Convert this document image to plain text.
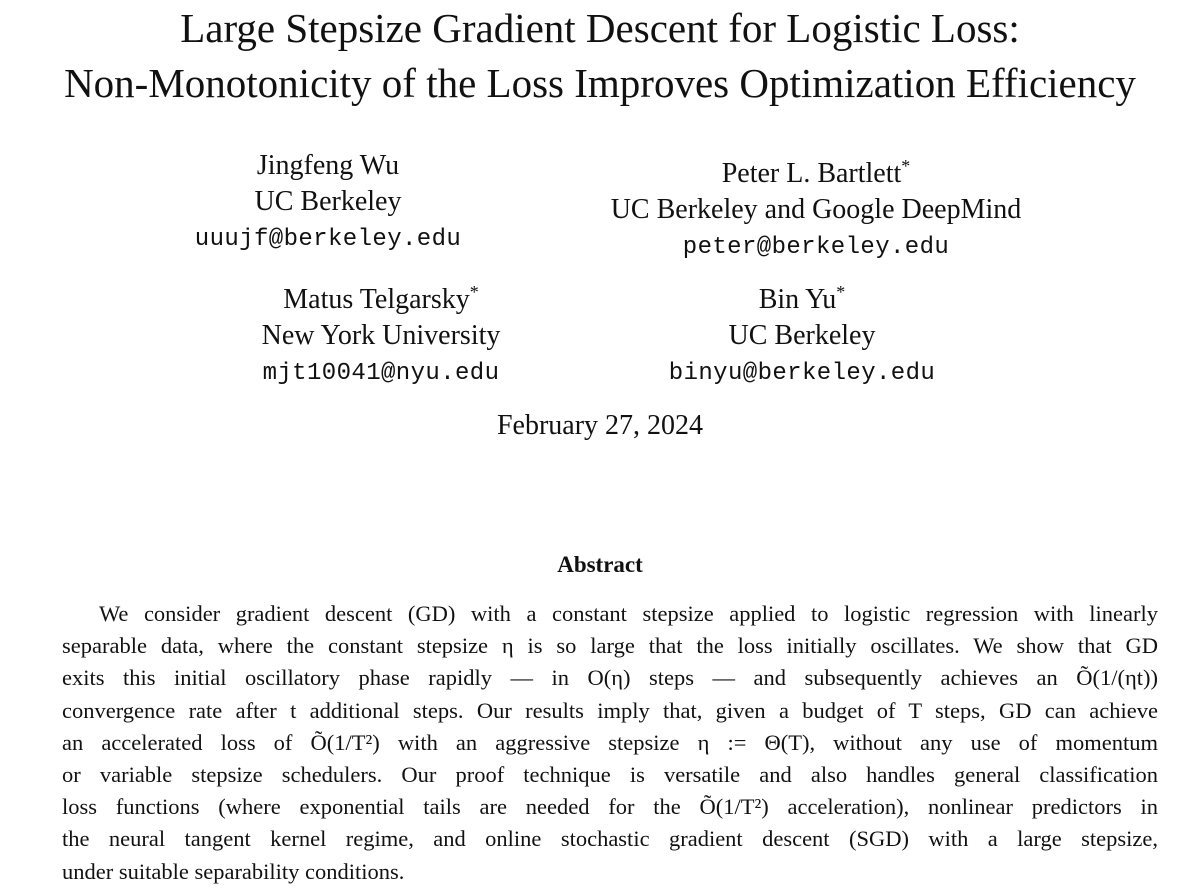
Large Stepsize Gradient Descent for Logistic Loss:
Non-Monotonicity of the Loss Improves Optimization Efficiency
Jingfeng Wu
UC Berkeley
uuujf@berkeley.edu
Peter L. Bartlett*
UC Berkeley and Google DeepMind
peter@berkeley.edu
Matus Telgarsky*
New York University
mjt10041@nyu.edu
Bin Yu*
UC Berkeley
binyu@berkeley.edu
February 27, 2024
Abstract
We consider gradient descent (GD) with a constant stepsize applied to logistic regression with linearly
separable data, where the constant stepsize η is so large that the loss initially oscillates. We show that GD
exits this initial oscillatory phase rapidly — in O(η) steps — and subsequently achieves an Õ(1/(ηt))
convergence rate after t additional steps. Our results imply that, given a budget of T steps, GD can achieve
an accelerated loss of Õ(1/T²) with an aggressive stepsize η := Θ(T), without any use of momentum
or variable stepsize schedulers. Our proof technique is versatile and also handles general classification
loss functions (where exponential tails are needed for the Õ(1/T²) acceleration), nonlinear predictors in
the neural tangent kernel regime, and online stochastic gradient descent (SGD) with a large stepsize,
under suitable separability conditions.
